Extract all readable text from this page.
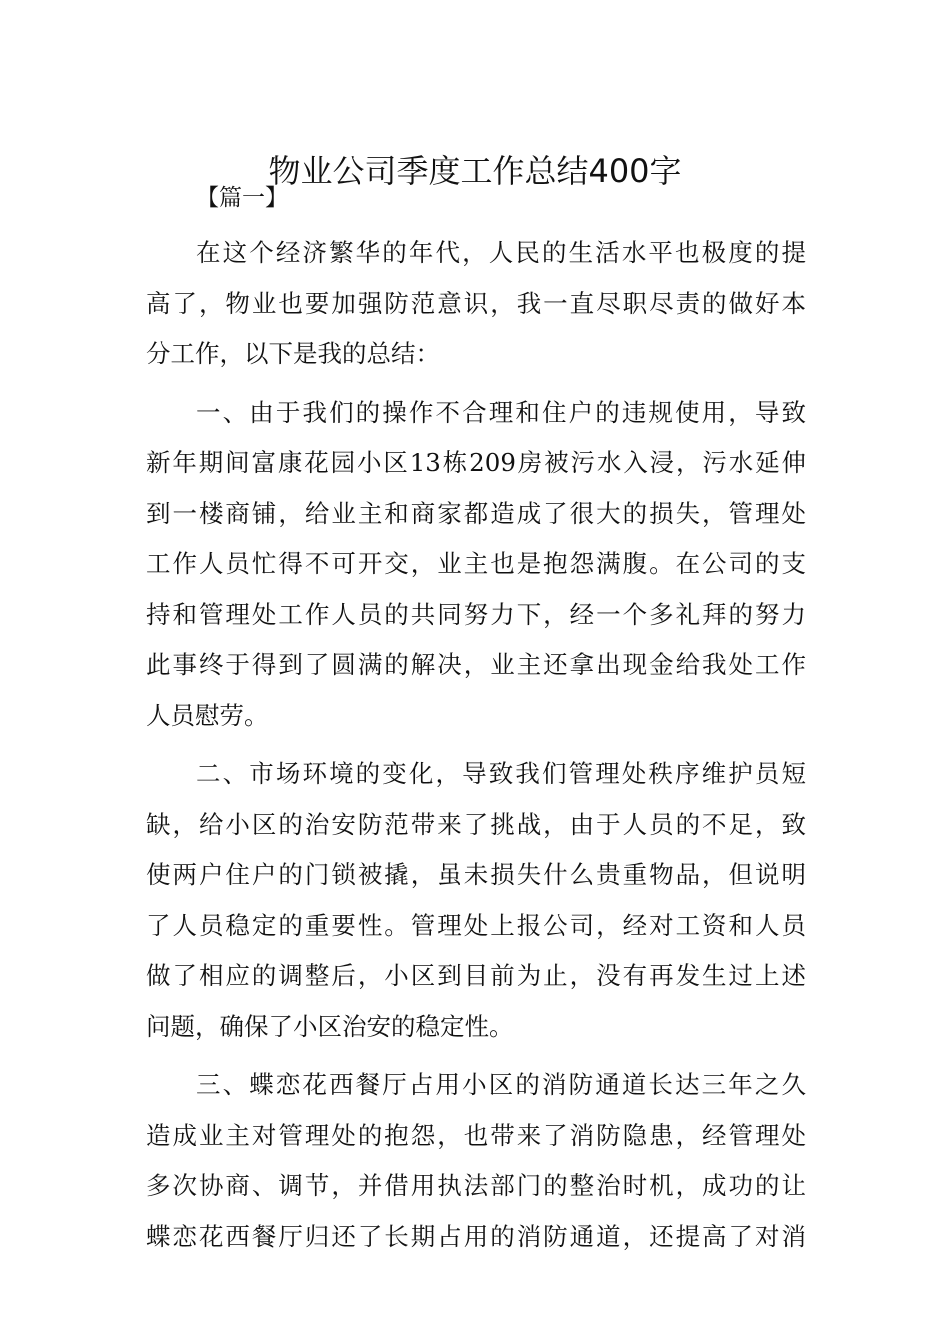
物业公司季度工作总结400字
【篇一】
在这个经济繁华的年代，人民的生活水平也极度的提
高了，物业也要加强防范意识，我一直尽职尽责的做好本
分工作，以下是我的总结：
一、由于我们的操作不合理和住户的违规使用，导致
新年期间富康花园小区13栋209房被污水入浸，污水延伸
到一楼商铺，给业主和商家都造成了很大的损失，管理处
工作人员忙得不可开交，业主也是抱怨满腹。在公司的支
持和管理处工作人员的共同努力下，经一个多礼拜的努力
此事终于得到了圆满的解决，业主还拿出现金给我处工作
人员慰劳。
二、市场环境的变化，导致我们管理处秩序维护员短
缺，给小区的治安防范带来了挑战，由于人员的不足，致
使两户住户的门锁被撬，虽未损失什么贵重物品，但说明
了人员稳定的重要性。管理处上报公司，经对工资和人员
做了相应的调整后，小区到目前为止，没有再发生过上述
问题，确保了小区治安的稳定性。
三、蝶恋花西餐厅占用小区的消防通道长达三年之久
造成业主对管理处的抱怨，也带来了消防隐患，经管理处
多次协商、调节，并借用执法部门的整治时机，成功的让
蝶恋花西餐厅归还了长期占用的消防通道，还提高了对消
